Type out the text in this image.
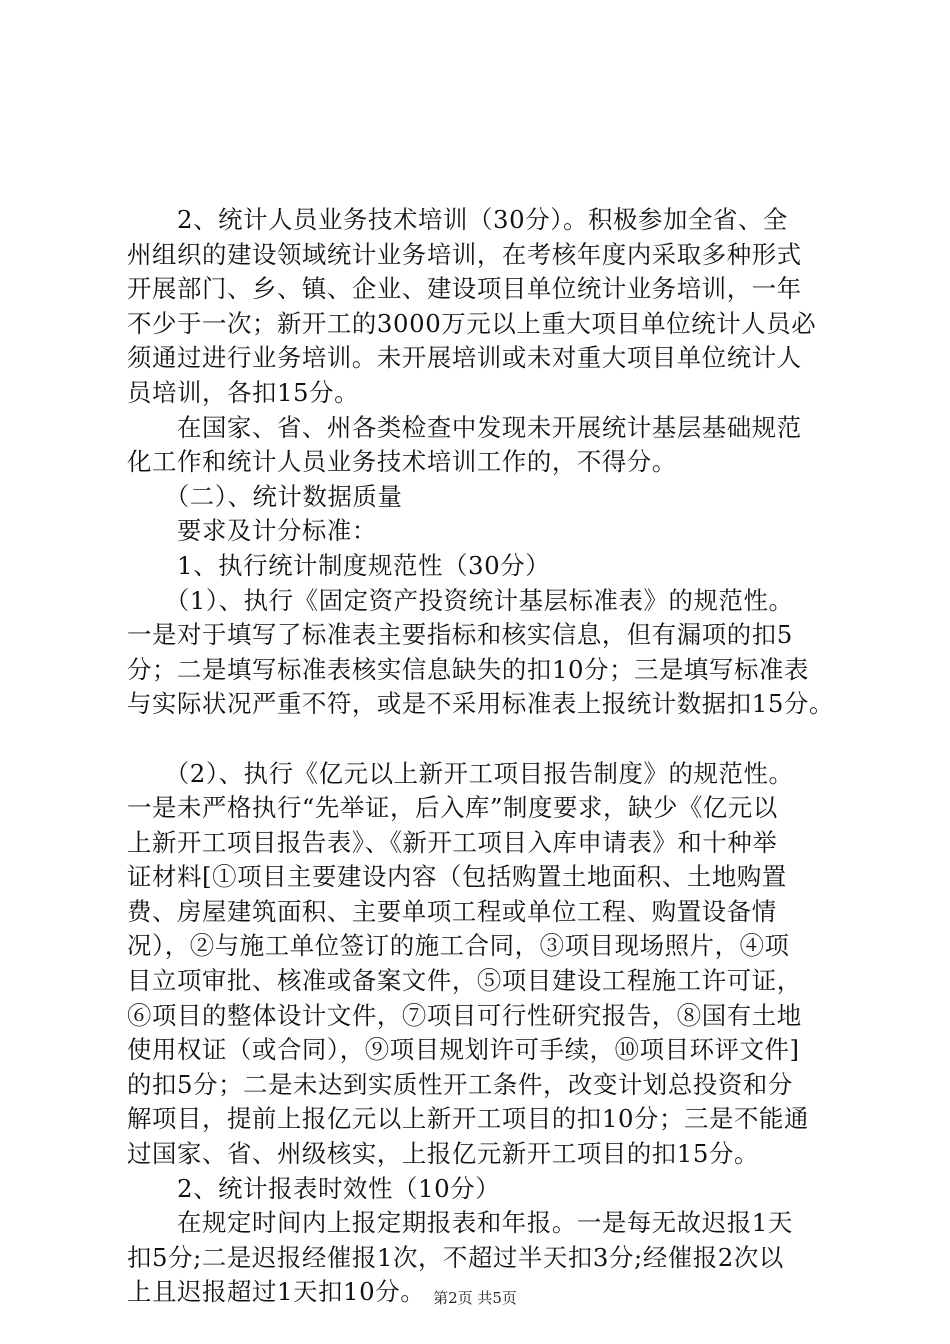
　　2、统计人员业务技术培训（30分）。积极参加全省、全
州组织的建设领域统计业务培训，在考核年度内采取多种形式
开展部门、乡、镇、企业、建设项目单位统计业务培训，一年
不少于一次；新开工的3000万元以上重大项目单位统计人员必
须通过进行业务培训。未开展培训或未对重大项目单位统计人
员培训，各扣15分。
　　在国家、省、州各类检查中发现未开展统计基层基础规范
化工作和统计人员业务技术培训工作的，不得分。
　　（二）、统计数据质量
　　要求及计分标准：
　　1、执行统计制度规范性（30分）
　　（1）、执行《固定资产投资统计基层标准表》的规范性。
一是对于填写了标准表主要指标和核实信息，但有漏项的扣5
分；二是填写标准表核实信息缺失的扣10分；三是填写标准表
与实际状况严重不符，或是不采用标准表上报统计数据扣15分。
　　（2）、执行《亿元以上新开工项目报告制度》的规范性。
一是未严格执行“先举证，后入库”制度要求，缺少《亿元以
上新开工项目报告表》、《新开工项目入库申请表》和十种举
证材料[①项目主要建设内容（包括购置土地面积、土地购置
费、房屋建筑面积、主要单项工程或单位工程、购置设备情
况），②与施工单位签订的施工合同，③项目现场照片，④项
目立项审批、核准或备案文件，⑤项目建设工程施工许可证，
⑥项目的整体设计文件，⑦项目可行性研究报告，⑧国有土地
使用权证（或合同），⑨项目规划许可手续，⑩项目环评文件]
的扣5分；二是未达到实质性开工条件，改变计划总投资和分
解项目，提前上报亿元以上新开工项目的扣10分；三是不能通
过国家、省、州级核实，上报亿元新开工项目的扣15分。
　　2、统计报表时效性（10分）
　　在规定时间内上报定期报表和年报。一是每无故迟报1天
扣5分;二是迟报经催报1次，不超过半天扣3分;经催报2次以
上且迟报超过1天扣10分。 第2页 共5页
